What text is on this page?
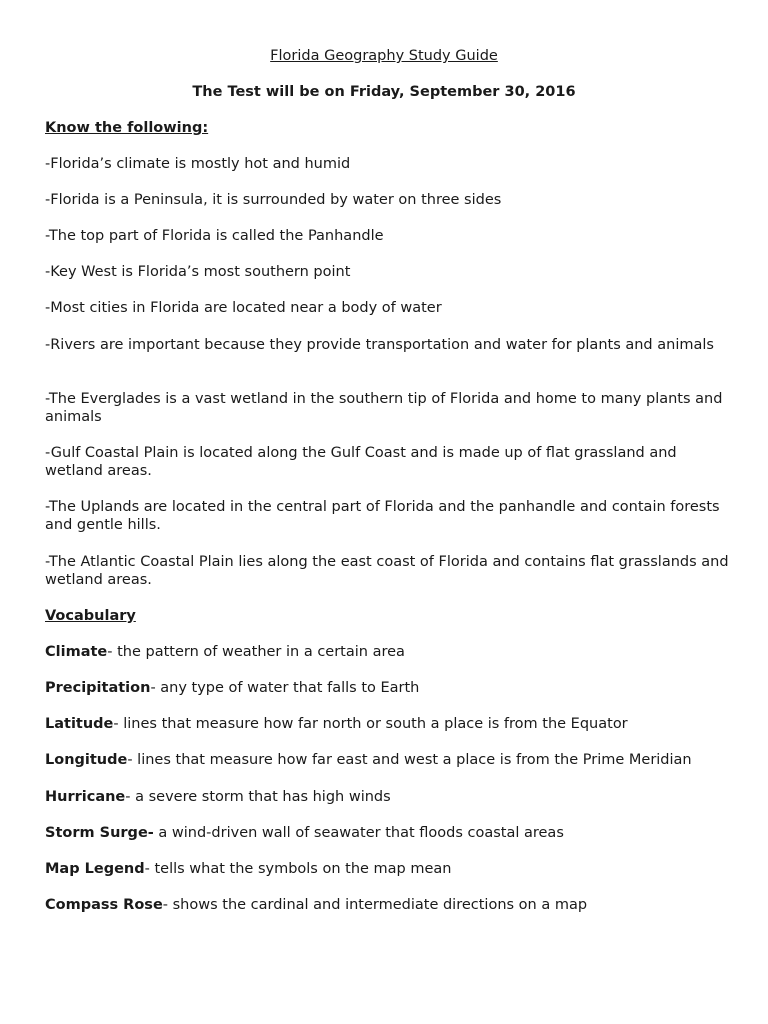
Florida Geography Study Guide
The Test will be on Friday, September 30, 2016
Know the following:
-Florida’s climate is mostly hot and humid
-Florida is a Peninsula, it is surrounded by water on three sides
-The top part of Florida is called the Panhandle
-Key West is Florida’s most southern point
-Most cities in Florida are located near a body of water
-Rivers are important because they provide transportation and water for plants and animals
-The Everglades is a vast wetland in the southern tip of Florida and home to many plants and animals
-Gulf Coastal Plain is located along the Gulf Coast and is made up of flat grassland and wetland areas.
-The Uplands are located in the central part of Florida and the panhandle and contain forests and gentle hills.
-The Atlantic Coastal Plain lies along the east coast of Florida and contains flat grasslands and wetland areas.
Vocabulary
Climate- the pattern of weather in a certain area
Precipitation- any type of water that falls to Earth
Latitude- lines that measure how far north or south a place is from the Equator
Longitude- lines that measure how far east and west a place is from the Prime Meridian
Hurricane- a severe storm that has high winds
Storm Surge- a wind-driven wall of seawater that floods coastal areas
Map Legend- tells what the symbols on the map mean
Compass Rose- shows the cardinal and intermediate directions on a map
